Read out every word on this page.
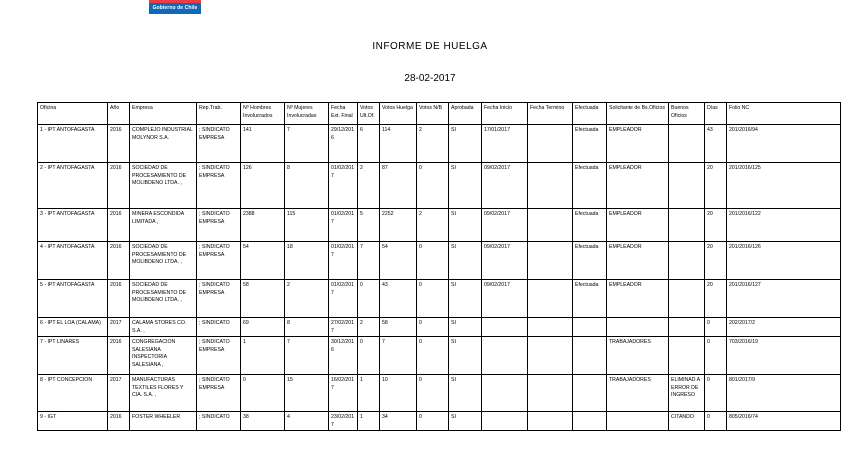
Gobierno de Chile
INFORME DE HUELGA
28-02-2017
Oficina	Año	Empresa	Rep.Trab.	Nº Hombres Involucrados	Nº Mujeres Involucradas	Fecha Ext. Final	Votos Ult.Of.	Votos Huelga	Votos N/B	Aprobada	Fecha Inicio	Fecha Termino	Efectuada	Solicitante de Bs.Oficios	Buenos Oficios	Días	Folio NC
1 - IPT ANTOFAGASTA	2016	COMPLEJO INDUSTRIAL MOLYNOR S.A.	; SINDICATO EMPRESA	141	7	29/12/2016	6	114	2	SI	17/01/2017		Efectuada	EMPLEADOR		43	201/2016/94
2 - IPT ANTOFAGASTA	2016	SOCIEDAD DE PROCESAMIENTO DE MOLIBDENO LTDA. ,	; SINDICATO EMPRESA	126	8	01/02/2017	2	87	0	SI	09/02/2017		Efectuada	EMPLEADOR		20	201/2016/125
3 - IPT ANTOFAGASTA	2016	MINERA ESCONDIDA LIMITADA ,	; SINDICATO EMPRESA	2388	115	01/02/2017	5	2252	2	SI	09/02/2017		Efectuada	EMPLEADOR		20	201/2016/122
4 - IPT ANTOFAGASTA	2016	SOCIEDAD DE PROCESAMIENTO DE MOLIBDENO LTDA. ,	; SINDICATO EMPRESA	54	18	01/02/2017	7	54	0	SI	09/02/2017		Efectuada	EMPLEADOR		20	201/2016/126
5 - IPT ANTOFAGASTA	2016	SOCIEDAD DE PROCESAMIENTO DE MOLIBDENO LTDA. ,	; SINDICATO EMPRESA	58	2	01/02/2017	0	43	0	SI	09/02/2017		Efectuada	EMPLEADOR		20	201/2016/127
6 - IPT EL LOA (CALAMA)	2017	CALAMA STORES CO. S.A. ,	; SINDICATO	69	8	27/02/2017	2	58	0	SI						0	202/2017/2
7 - IPT LINARES	2016	CONGREGACION SALESIANA INSPECTORIA SALESIANA ,	; SINDICATO EMPRESA	1	7	30/12/2016	0	7	0	SI				TRABAJADORES		0	703/2016/19
8 - IPT CONCEPCION	2017	MANUFACTURAS TEXTILES FLORES Y CIA. S.A. ,	; SINDICATO EMPRESA	0	15	16/02/2017	1	10	0	SI				TRABAJADORES	ELIMINAD A ERROR DE INGRESO	0	801/2017/9
9 - IGT	2016	FOSTER WHEELER	; SINDICATO	38	4	23/02/2017	1	34	0	SI					CITANDO	0	805/2016/74
